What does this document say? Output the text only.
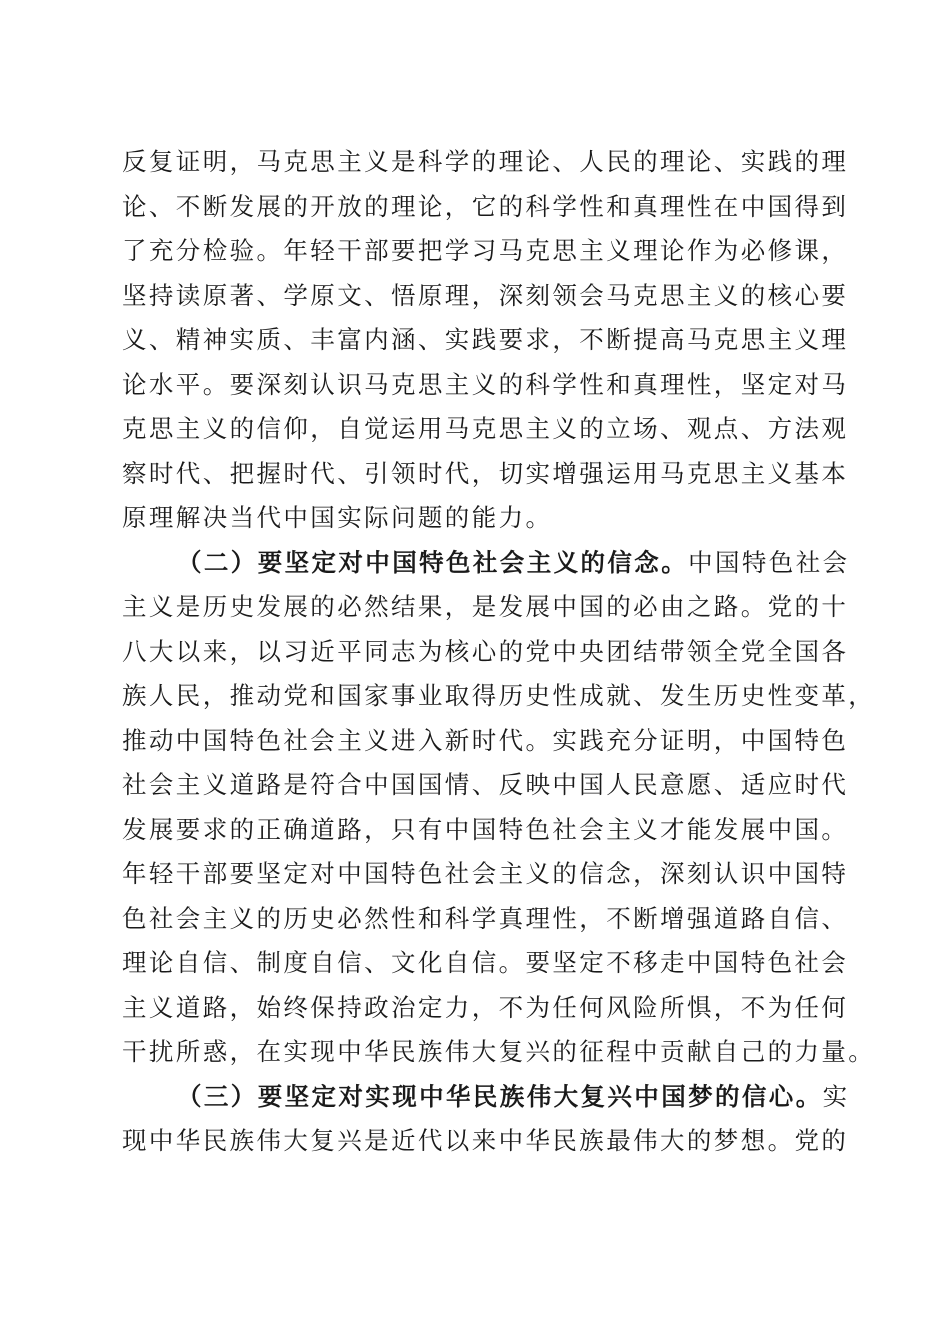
反复证明，马克思主义是科学的理论、人民的理论、实践的理
论、不断发展的开放的理论，它的科学性和真理性在中国得到
了充分检验。年轻干部要把学习马克思主义理论作为必修课，
坚持读原著、学原文、悟原理，深刻领会马克思主义的核心要
义、精神实质、丰富内涵、实践要求，不断提高马克思主义理
论水平。要深刻认识马克思主义的科学性和真理性，坚定对马
克思主义的信仰，自觉运用马克思主义的立场、观点、方法观
察时代、把握时代、引领时代，切实增强运用马克思主义基本
原理解决当代中国实际问题的能力。
（二）要坚定对中国特色社会主义的信念。中国特色社会
主义是历史发展的必然结果，是发展中国的必由之路。党的十
八大以来，以习近平同志为核心的党中央团结带领全党全国各
族人民，推动党和国家事业取得历史性成就、发生历史性变革，
推动中国特色社会主义进入新时代。实践充分证明，中国特色
社会主义道路是符合中国国情、反映中国人民意愿、适应时代
发展要求的正确道路，只有中国特色社会主义才能发展中国。
年轻干部要坚定对中国特色社会主义的信念，深刻认识中国特
色社会主义的历史必然性和科学真理性，不断增强道路自信、
理论自信、制度自信、文化自信。要坚定不移走中国特色社会
主义道路，始终保持政治定力，不为任何风险所惧，不为任何
干扰所惑，在实现中华民族伟大复兴的征程中贡献自己的力量。
（三）要坚定对实现中华民族伟大复兴中国梦的信心。实
现中华民族伟大复兴是近代以来中华民族最伟大的梦想。党的
